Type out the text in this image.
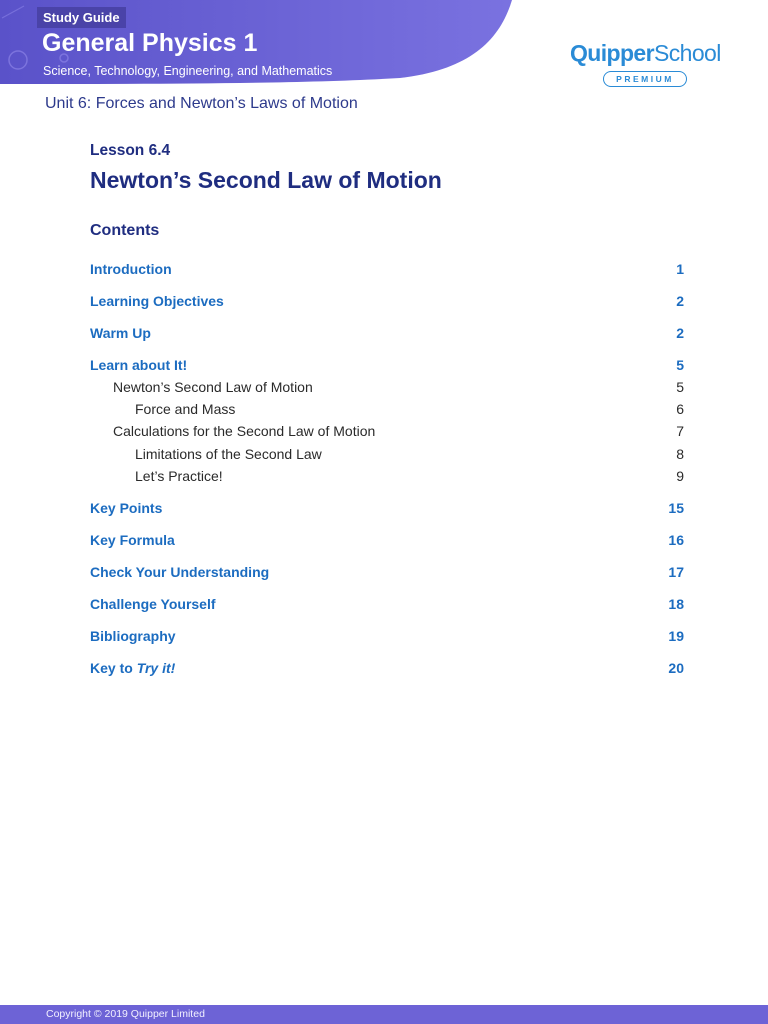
Study Guide
General Physics 1
Science, Technology, Engineering, and Mathematics
QuipperSchool
PREMIUM
Unit 6: Forces and Newton’s Laws of Motion
Lesson 6.4
Newton’s Second Law of Motion
Contents
Introduction	1
Learning Objectives	2
Warm Up	2
Learn about It!	5
Newton’s Second Law of Motion	5
Force and Mass	6
Calculations for the Second Law of Motion	7
Limitations of the Second Law	8
Let’s Practice!	9
Key Points	15
Key Formula	16
Check Your Understanding	17
Challenge Yourself	18
Bibliography	19
Key to Try it!	20
Copyright © 2019 Quipper Limited
